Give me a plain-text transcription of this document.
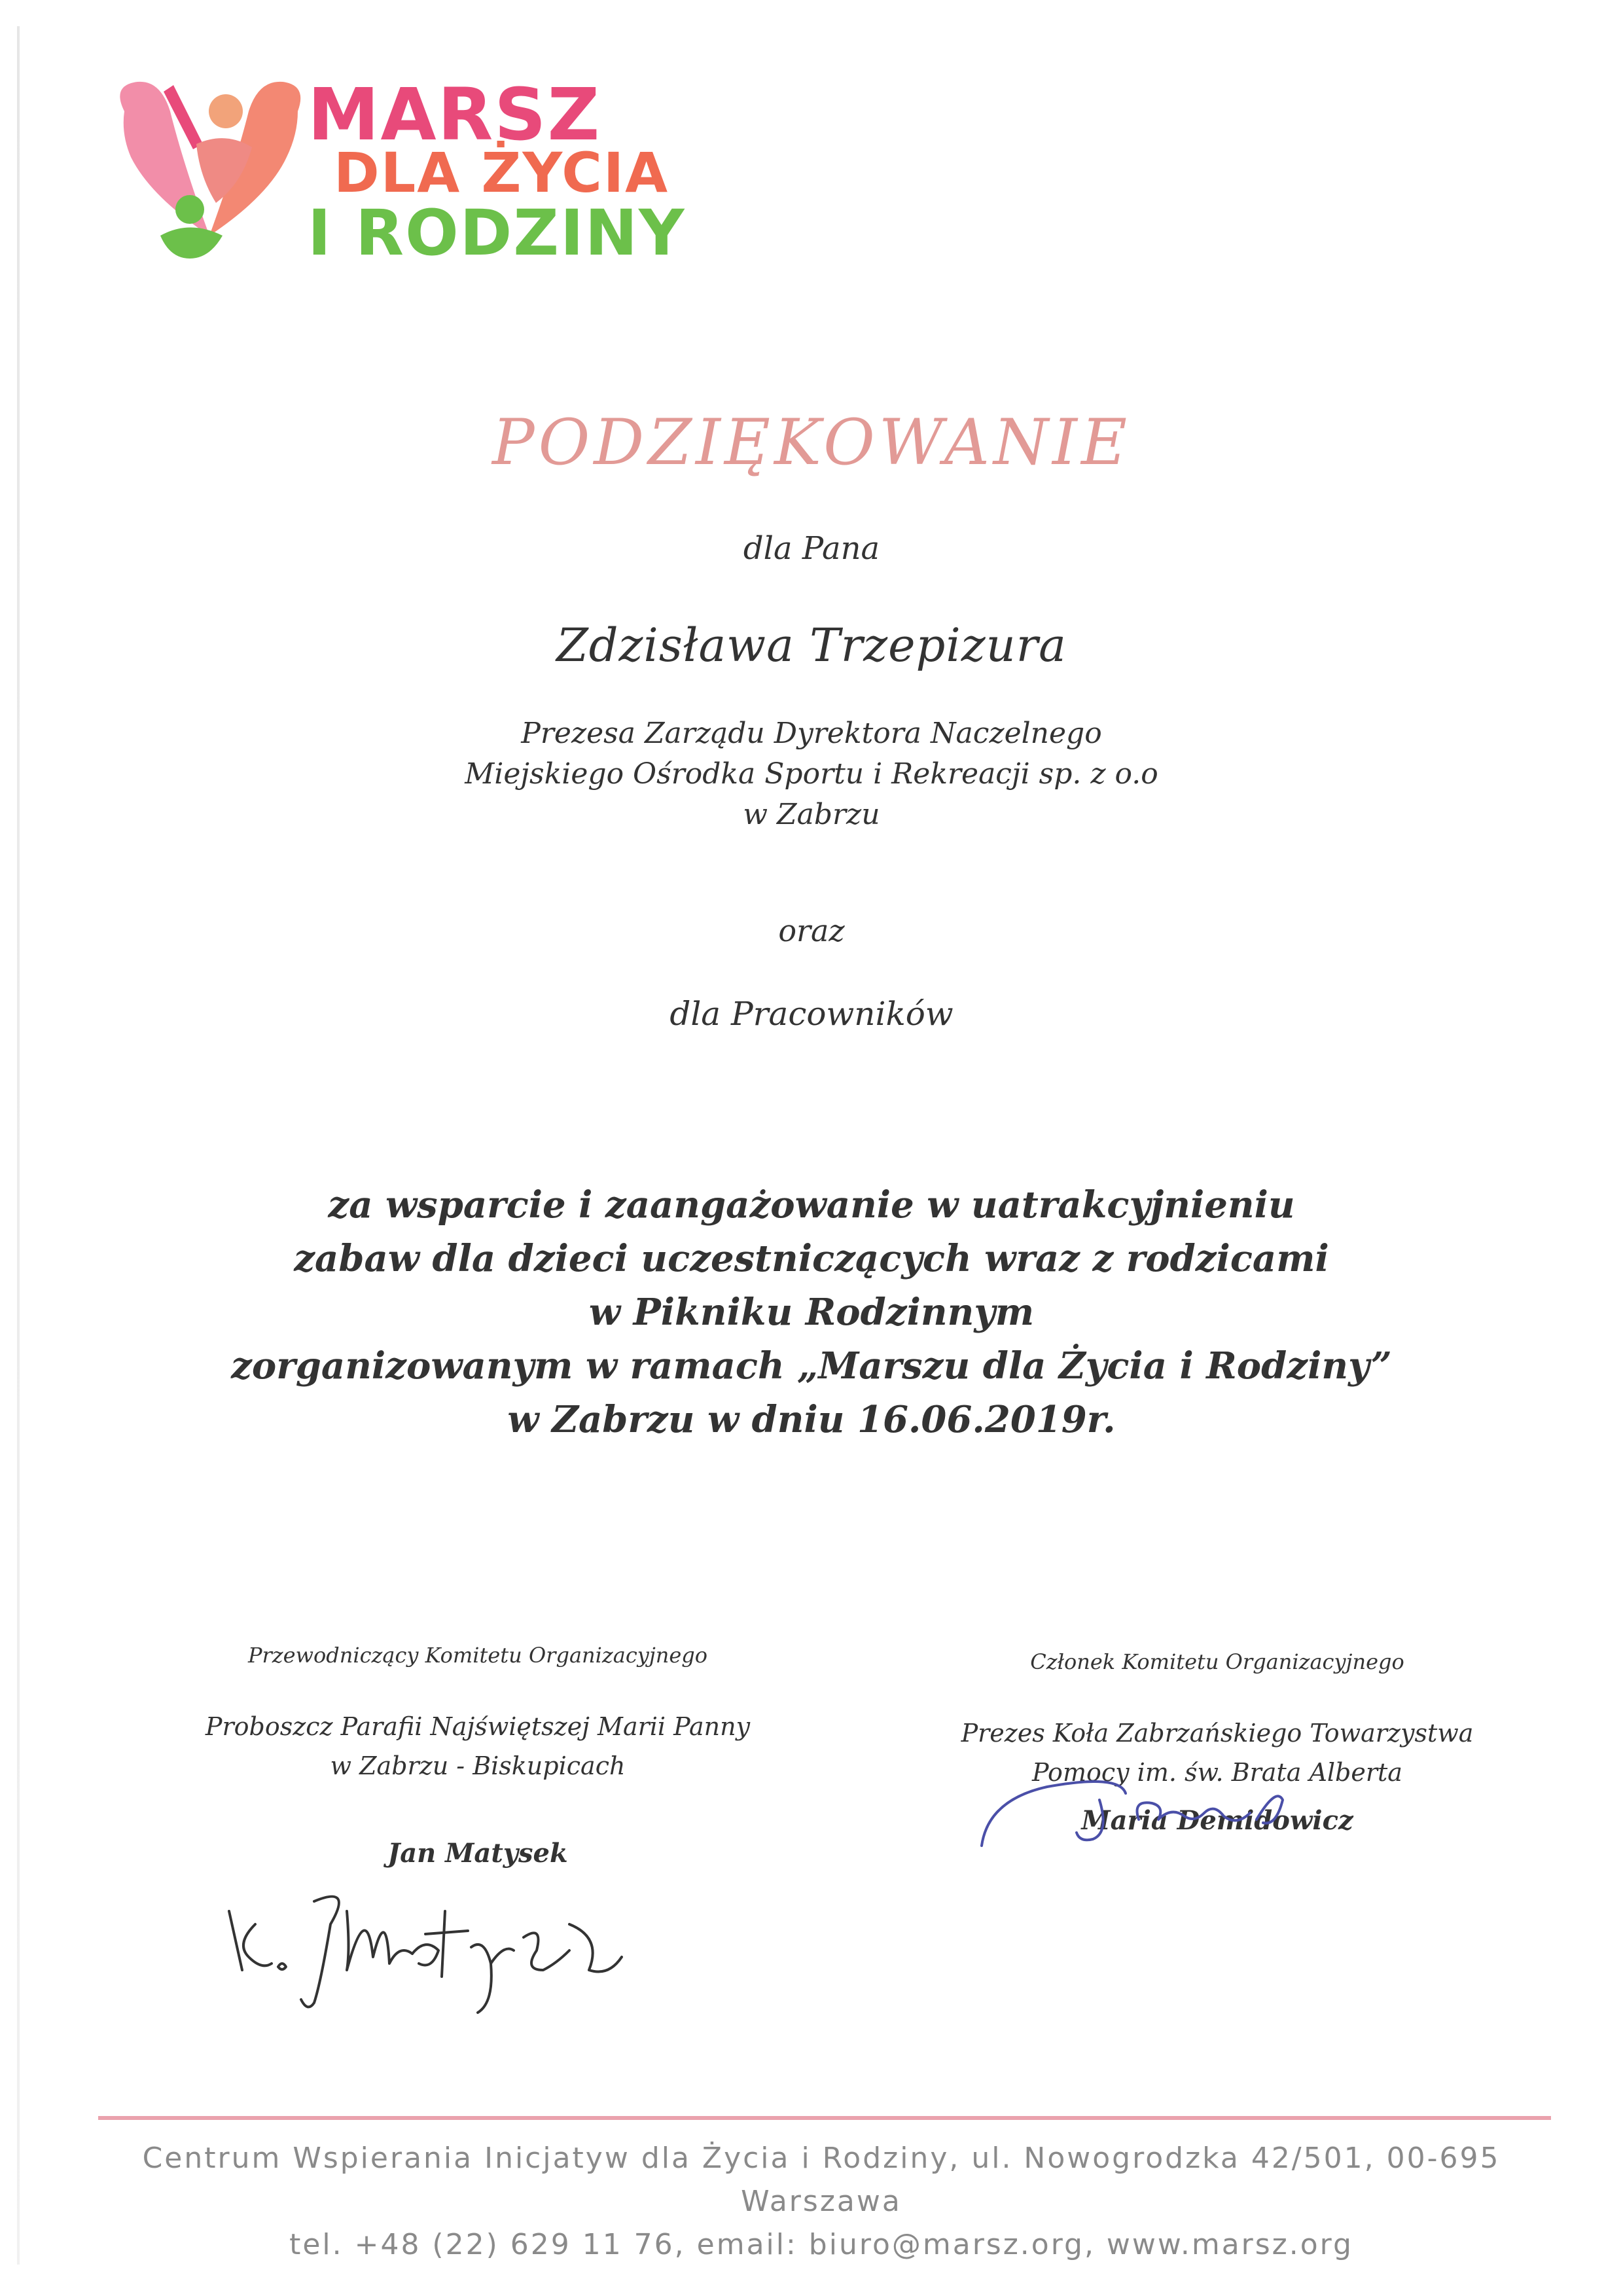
MARSZ
DLA ŻYCIA
I RODZINY
PODZIĘKOWANIE
dla Pana
Zdzisława Trzepizura
Prezesa Zarządu Dyrektora Naczelnego
Miejskiego Ośrodka Sportu i Rekreacji sp. z o.o
w Zabrzu
oraz
dla Pracowników
za wsparcie i zaangażowanie w uatrakcyjnieniu
zabaw dla dzieci uczestniczących wraz z rodzicami
w Pikniku Rodzinnym
zorganizowanym w ramach „Marszu dla Życia i Rodziny”
w Zabrzu w dniu 16.06.2019r.
Przewodniczący Komitetu Organizacyjnego
Proboszcz Parafii Najświętszej Marii Panny
w Zabrzu - Biskupicach
Jan Matysek
Członek Komitetu Organizacyjnego
Prezes Koła Zabrzańskiego Towarzystwa
Pomocy im. św. Brata Alberta
Maria Demidowicz
Centrum Wspierania Inicjatyw dla Życia i Rodziny, ul. Nowogrodzka 42/501, 00-695 Warszawa
tel. +48 (22) 629 11 76, email: biuro@marsz.org, www.marsz.org
